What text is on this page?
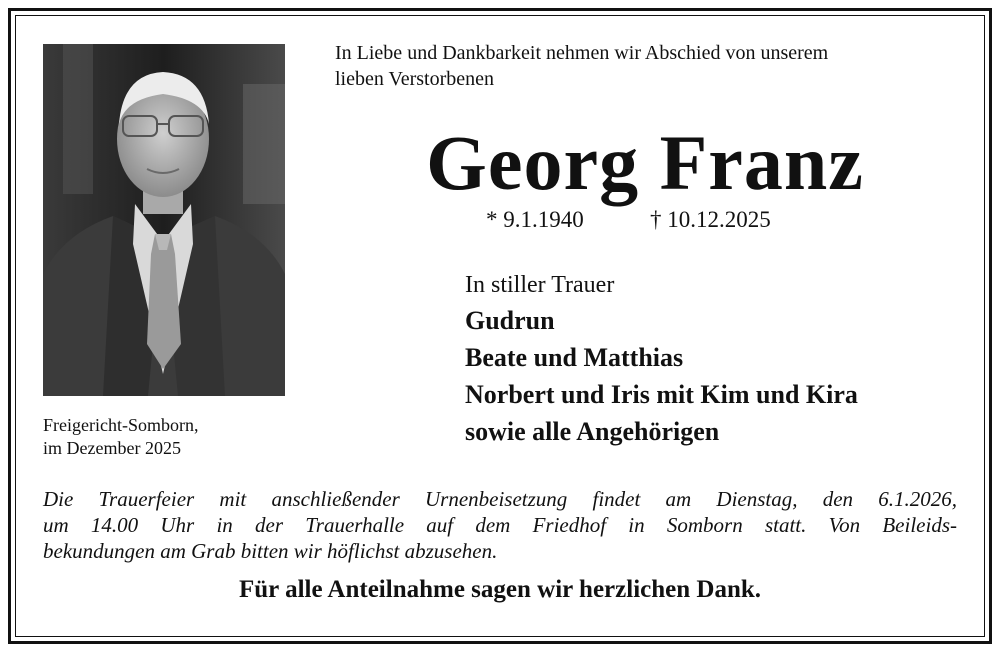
In Liebe und Dankbarkeit nehmen wir Abschied von unserem
lieben Verstorbenen
Georg Franz

* 9.1.1940

	† 10.12.2025

In stiller Trauer
Gudrun
Beate und Matthias
Norbert und Iris mit Kim und Kira
sowie alle Angehörigen
Freigericht-Somborn,
im Dezember 2025
Die Trauerfeier mit anschließender Urnenbeisetzung findet am Dienstag, den 6.1.2026,
um 14.00 Uhr in der Trauerhalle auf dem Friedhof in Somborn statt. Von Beileids-
bekundungen am Grab bitten wir höflichst abzusehen.
Für alle Anteilnahme sagen wir herzlichen Dank.
